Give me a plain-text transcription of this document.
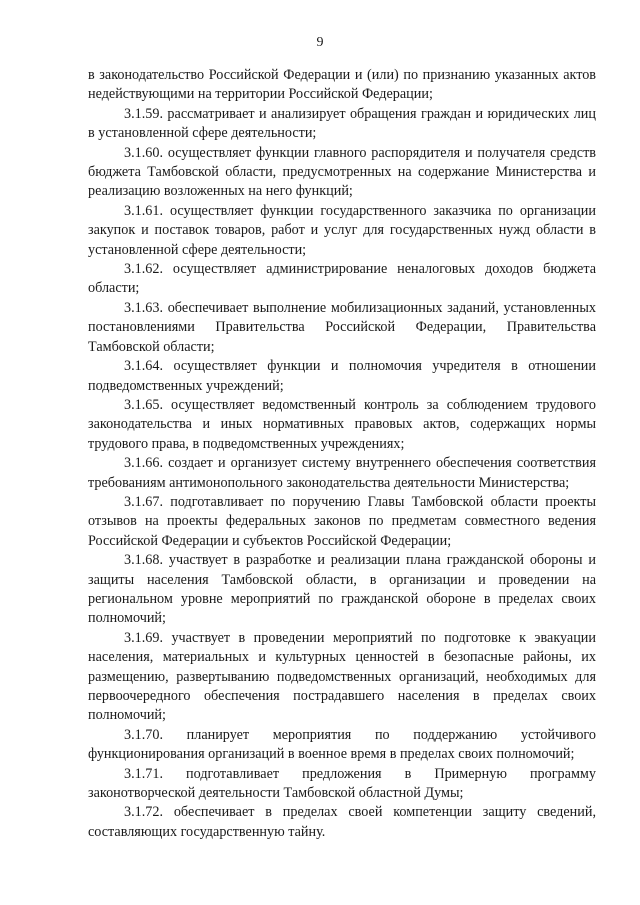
9

в законодательство Российской Федерации и (или) по признанию указанных актов недействующими на территории Российской Федерации;

3.1.59. рассматривает и анализирует обращения граждан и юридических лиц в установленной сфере деятельности;

3.1.60. осуществляет функции главного распорядителя и получателя средств бюджета Тамбовской области, предусмотренных на содержание Министерства и реализацию возложенных на него функций;

3.1.61. осуществляет функции государственного заказчика по организации закупок и поставок товаров, работ и услуг для государственных нужд области в установленной сфере деятельности;

3.1.62. осуществляет администрирование неналоговых доходов бюджета области;

3.1.63. обеспечивает выполнение мобилизационных заданий, установленных постановлениями Правительства Российской Федерации, Правительства Тамбовской области;

3.1.64. осуществляет функции и полномочия учредителя в отношении подведомственных учреждений;

3.1.65. осуществляет ведомственный контроль за соблюдением трудового законодательства и иных нормативных правовых актов, содержащих нормы трудового права, в подведомственных учреждениях;

3.1.66. создает и организует систему внутреннего обеспечения соответствия требованиям антимонопольного законодательства деятельности Министерства;

3.1.67. подготавливает по поручению Главы Тамбовской области проекты отзывов на проекты федеральных законов по предметам совместного ведения Российской Федерации и субъектов Российской Федерации;

3.1.68. участвует в разработке и реализации плана гражданской обороны и защиты населения Тамбовской области, в организации и проведении на региональном уровне мероприятий по гражданской обороне в пределах своих полномочий;

3.1.69. участвует в проведении мероприятий по подготовке к эвакуации населения, материальных и культурных ценностей в безопасные районы, их размещению, развертыванию подведомственных организаций, необходимых для первоочередного обеспечения пострадавшего населения в пределах своих полномочий;

3.1.70. планирует мероприятия по поддержанию устойчивого функционирования организаций в военное время в пределах своих полномочий;

3.1.71. подготавливает предложения в Примерную программу законотворческой деятельности Тамбовской областной Думы;

3.1.72. обеспечивает в пределах своей компетенции защиту сведений, составляющих государственную тайну.
